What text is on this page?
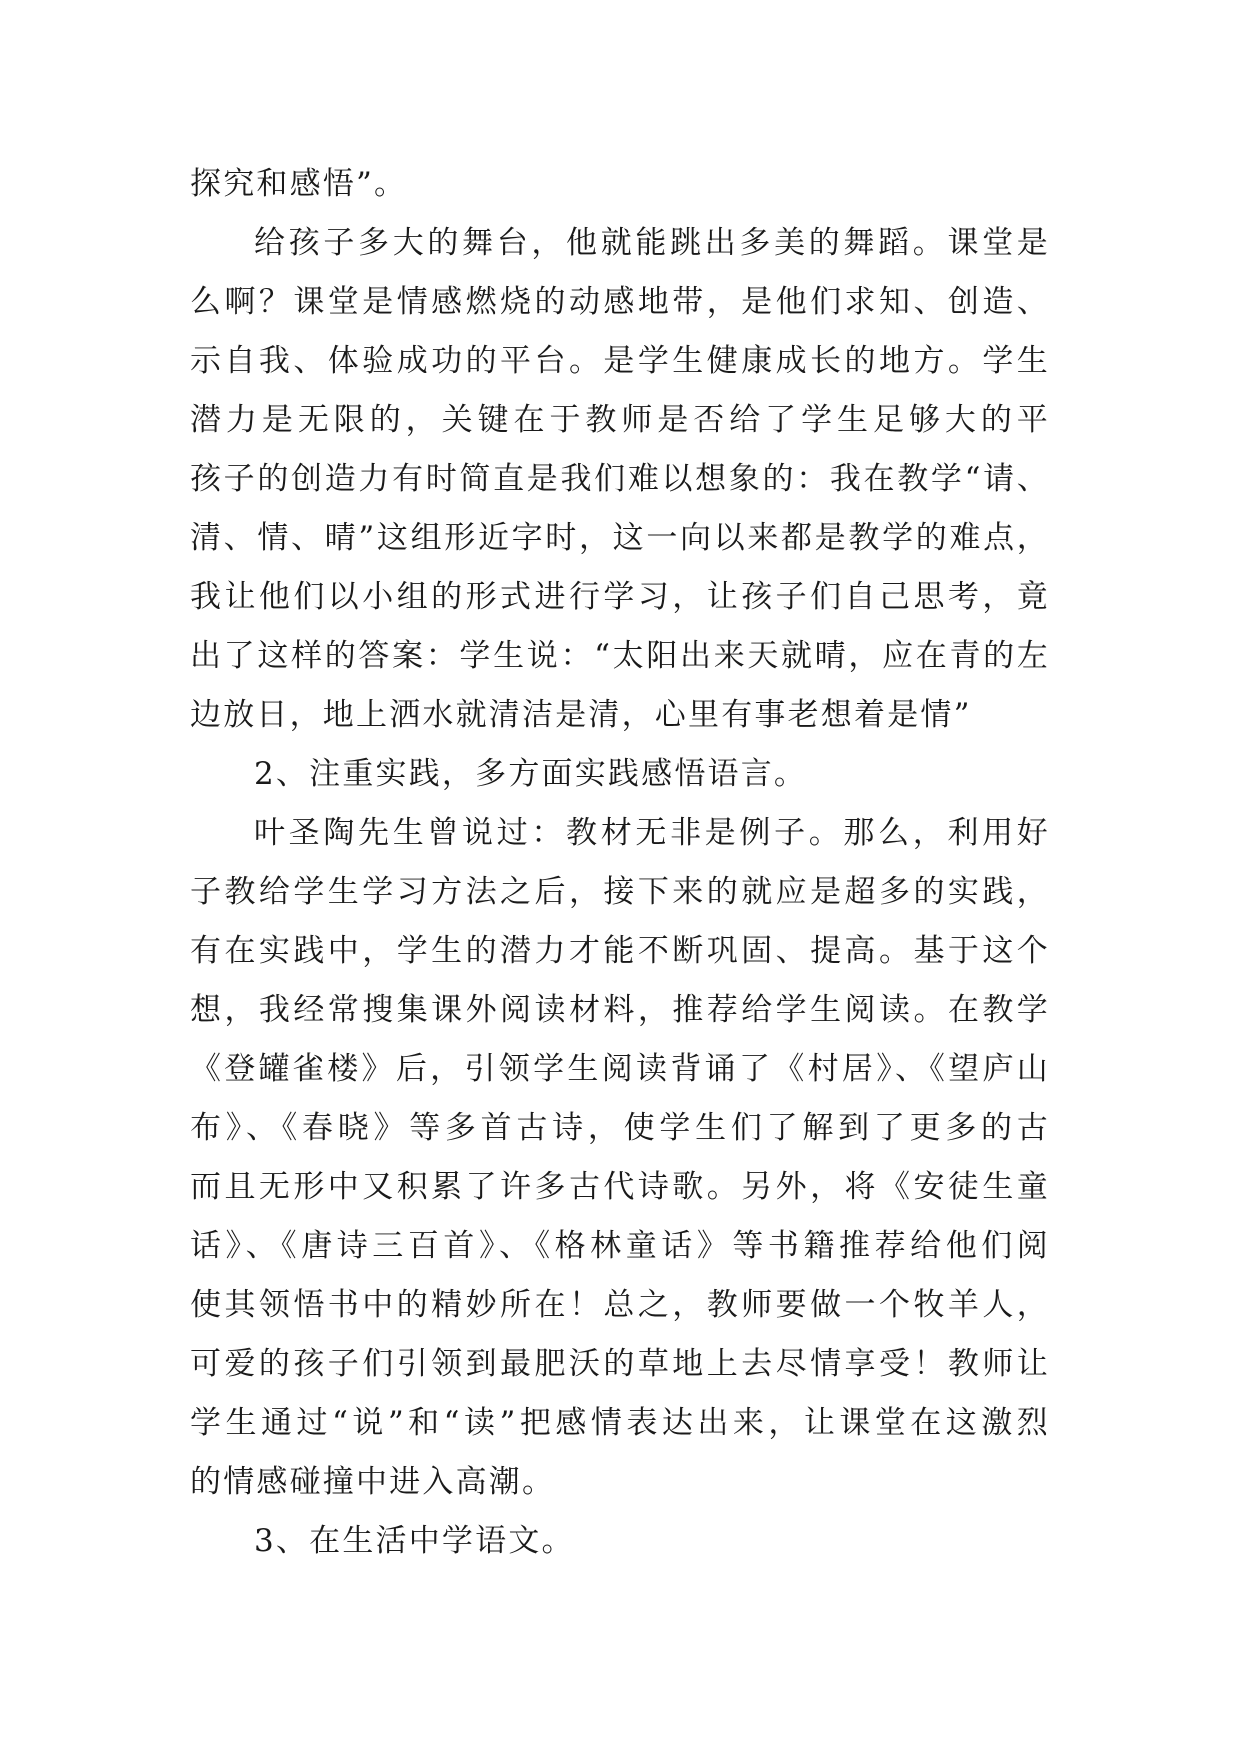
探究和感悟”。
给孩子多大的舞台，他就能跳出多美的舞蹈。课堂是
么啊？课堂是情感燃烧的动感地带，是他们求知、创造、
示自我、体验成功的平台。是学生健康成长的地方。学生
潜力是无限的，关键在于教师是否给了学生足够大的平
孩子的创造力有时简直是我们难以想象的：我在教学“请、
清、情、晴”这组形近字时，这一向以来都是教学的难点，
我让他们以小组的形式进行学习，让孩子们自己思考，竟
出了这样的答案：学生说：“太阳出来天就晴，应在青的左
边放日，地上洒水就清洁是清，心里有事老想着是情”
2、注重实践，多方面实践感悟语言。
叶圣陶先生曾说过：教材无非是例子。那么，利用好
子教给学生学习方法之后，接下来的就应是超多的实践，
有在实践中，学生的潜力才能不断巩固、提高。基于这个
想，我经常搜集课外阅读材料，推荐给学生阅读。在教学
《登罐雀楼》后，引领学生阅读背诵了《村居》、《望庐山
布》、《春晓》等多首古诗，使学生们了解到了更多的古
而且无形中又积累了许多古代诗歌。另外，将《安徒生童
话》、《唐诗三百首》、《格林童话》等书籍推荐给他们阅
使其领悟书中的精妙所在！总之，教师要做一个牧羊人，
可爱的孩子们引领到最肥沃的草地上去尽情享受！教师让
学生通过“说”和“读”把感情表达出来，让课堂在这激烈
的情感碰撞中进入高潮。
3、在生活中学语文。
